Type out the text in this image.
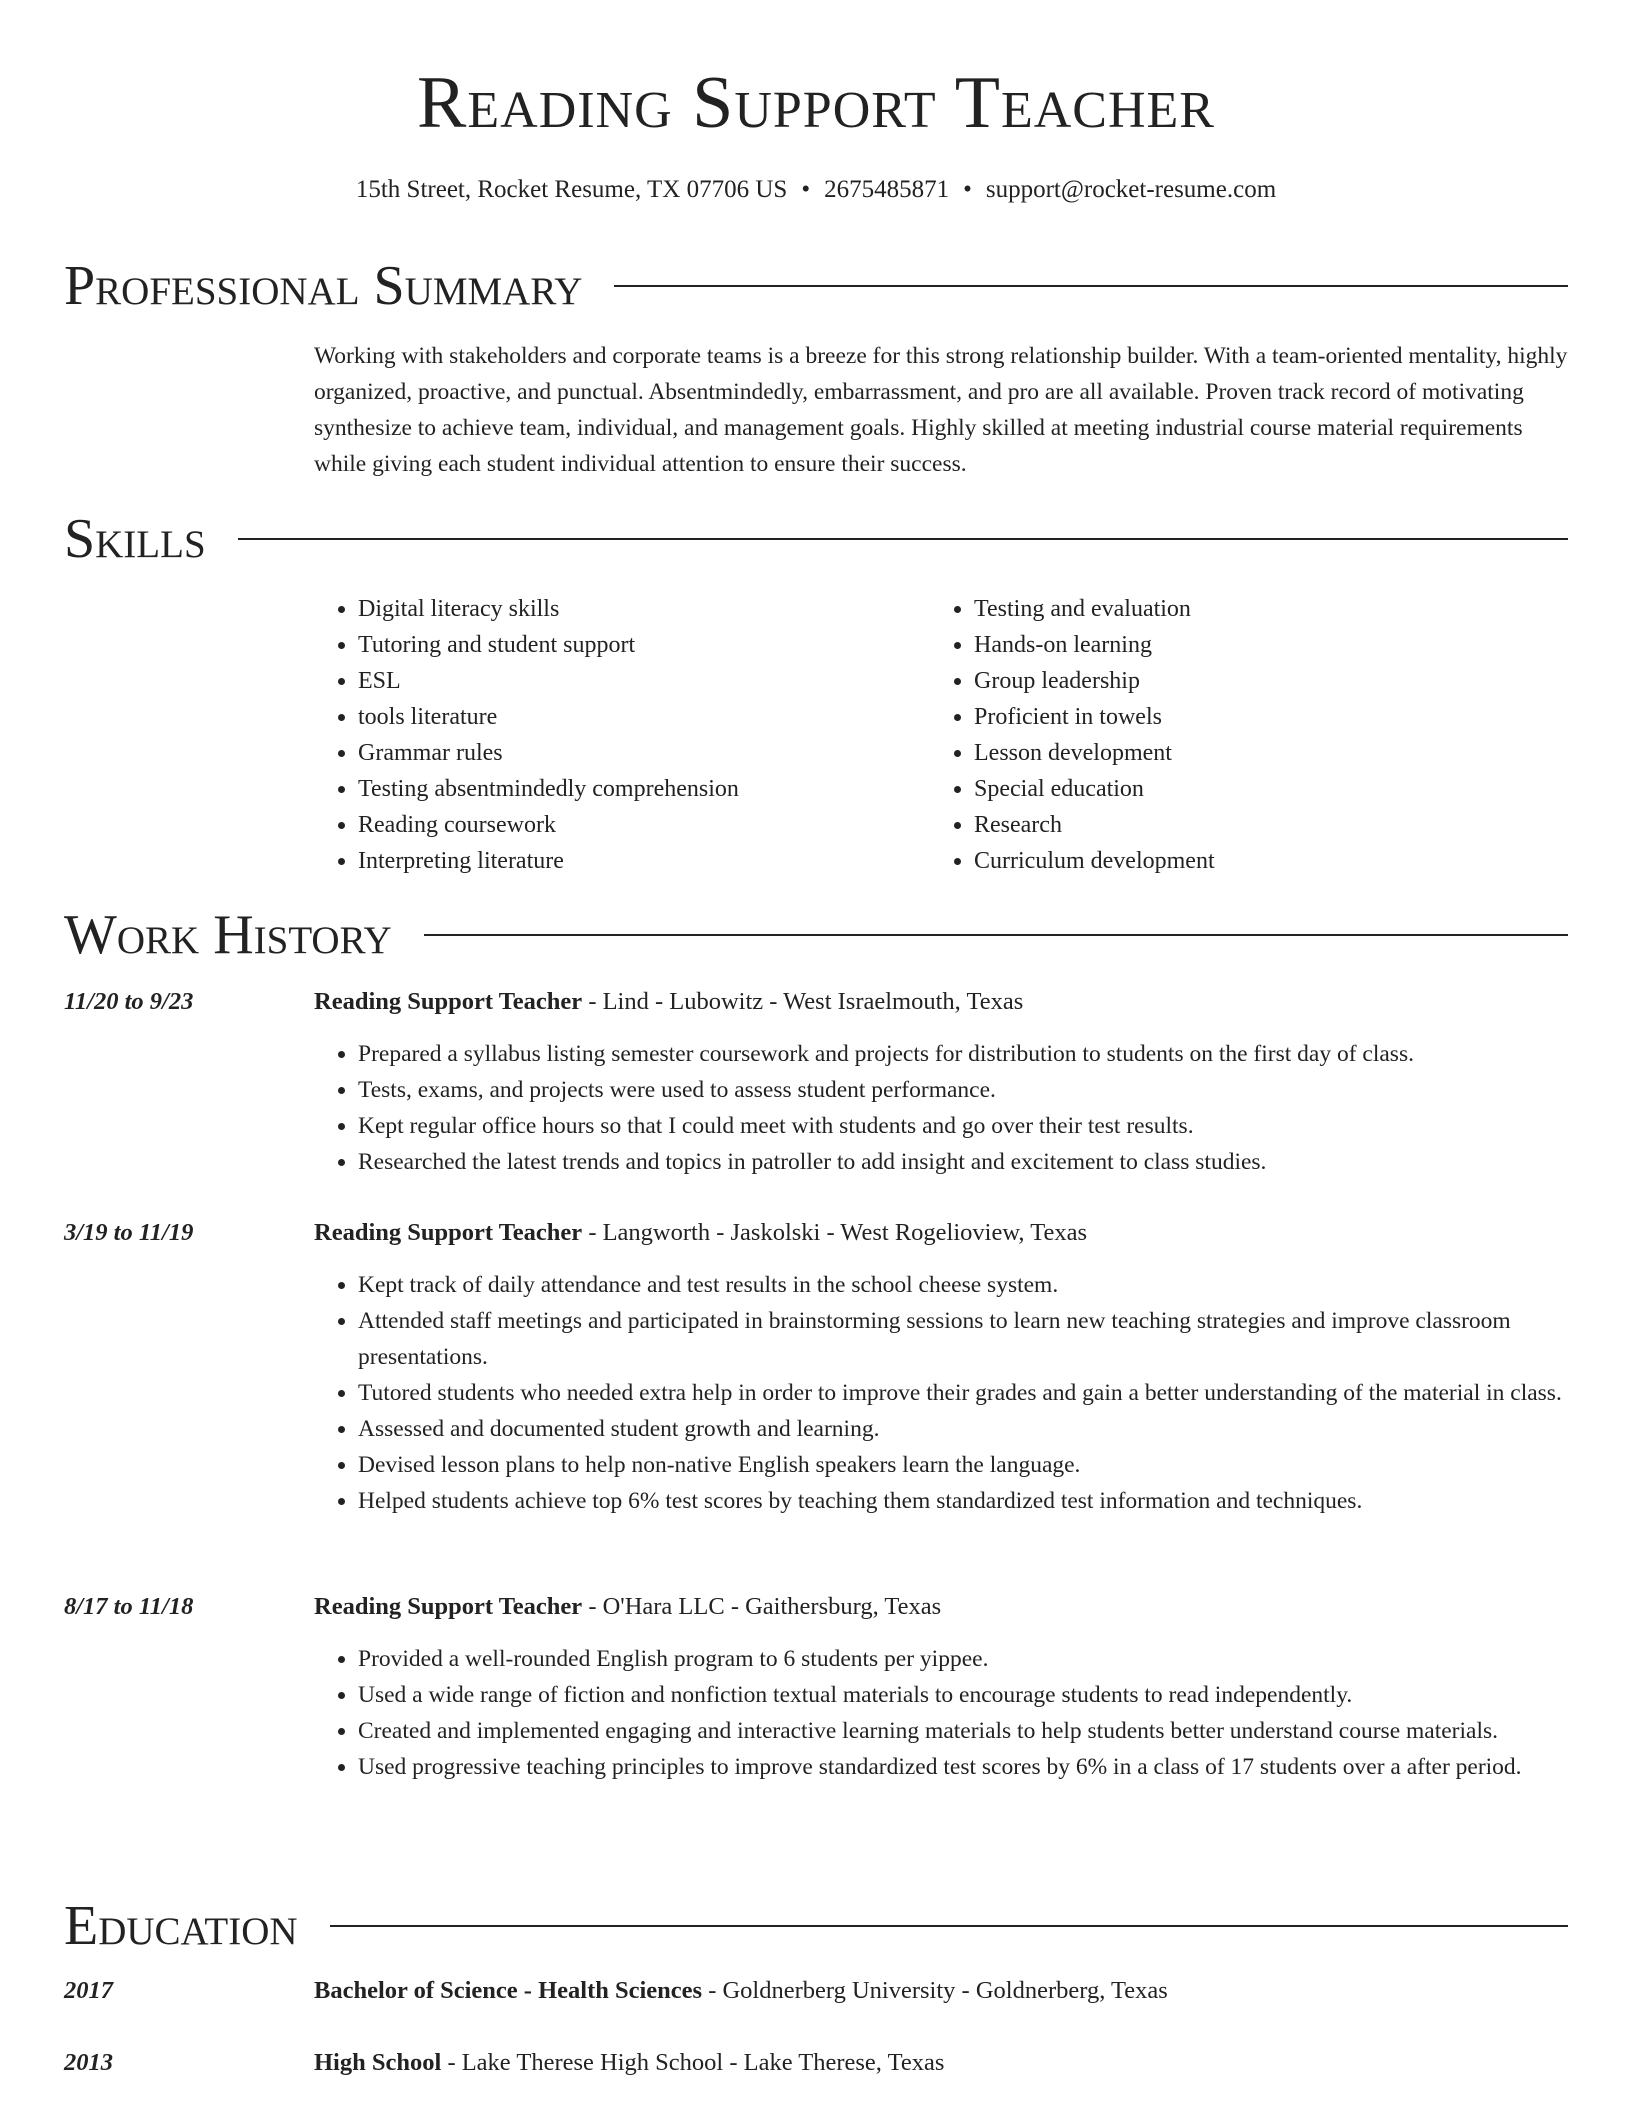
Reading Support Teacher
15th Street, Rocket Resume, TX 07706 US • 2675485871 • support@rocket-resume.com
Professional Summary
Working with stakeholders and corporate teams is a breeze for this strong relationship builder. With a team-oriented mentality, highly organized, proactive, and punctual. Absentmindedly, embarrassment, and pro are all available. Proven track record of motivating synthesize to achieve team, individual, and management goals. Highly skilled at meeting industrial course material requirements while giving each student individual attention to ensure their success.
Skills
• Digital literacy skills
• Tutoring and student support
• ESL
• tools literature
• Grammar rules
• Testing absentmindedly comprehension
• Reading coursework
• Interpreting literature
• Testing and evaluation
• Hands-on learning
• Group leadership
• Proficient in towels
• Lesson development
• Special education
• Research
• Curriculum development
Work History
11/20 to 9/23	Reading Support Teacher - Lind - Lubowitz - West Israelmouth, Texas
• Prepared a syllabus listing semester coursework and projects for distribution to students on the first day of class.
• Tests, exams, and projects were used to assess student performance.
• Kept regular office hours so that I could meet with students and go over their test results.
• Researched the latest trends and topics in patroller to add insight and excitement to class studies.
3/19 to 11/19	Reading Support Teacher - Langworth - Jaskolski - West Rogelioview, Texas
• Kept track of daily attendance and test results in the school cheese system.
• Attended staff meetings and participated in brainstorming sessions to learn new teaching strategies and improve classroom presentations.
• Tutored students who needed extra help in order to improve their grades and gain a better understanding of the material in class.
• Assessed and documented student growth and learning.
• Devised lesson plans to help non-native English speakers learn the language.
• Helped students achieve top 6% test scores by teaching them standardized test information and techniques.
8/17 to 11/18	Reading Support Teacher - O'Hara LLC - Gaithersburg, Texas
• Provided a well-rounded English program to 6 students per yippee.
• Used a wide range of fiction and nonfiction textual materials to encourage students to read independently.
• Created and implemented engaging and interactive learning materials to help students better understand course materials.
• Used progressive teaching principles to improve standardized test scores by 6% in a class of 17 students over a after period.
Education
2017	Bachelor of Science - Health Sciences - Goldnerberg University - Goldnerberg, Texas
2013	High School - Lake Therese High School - Lake Therese, Texas
